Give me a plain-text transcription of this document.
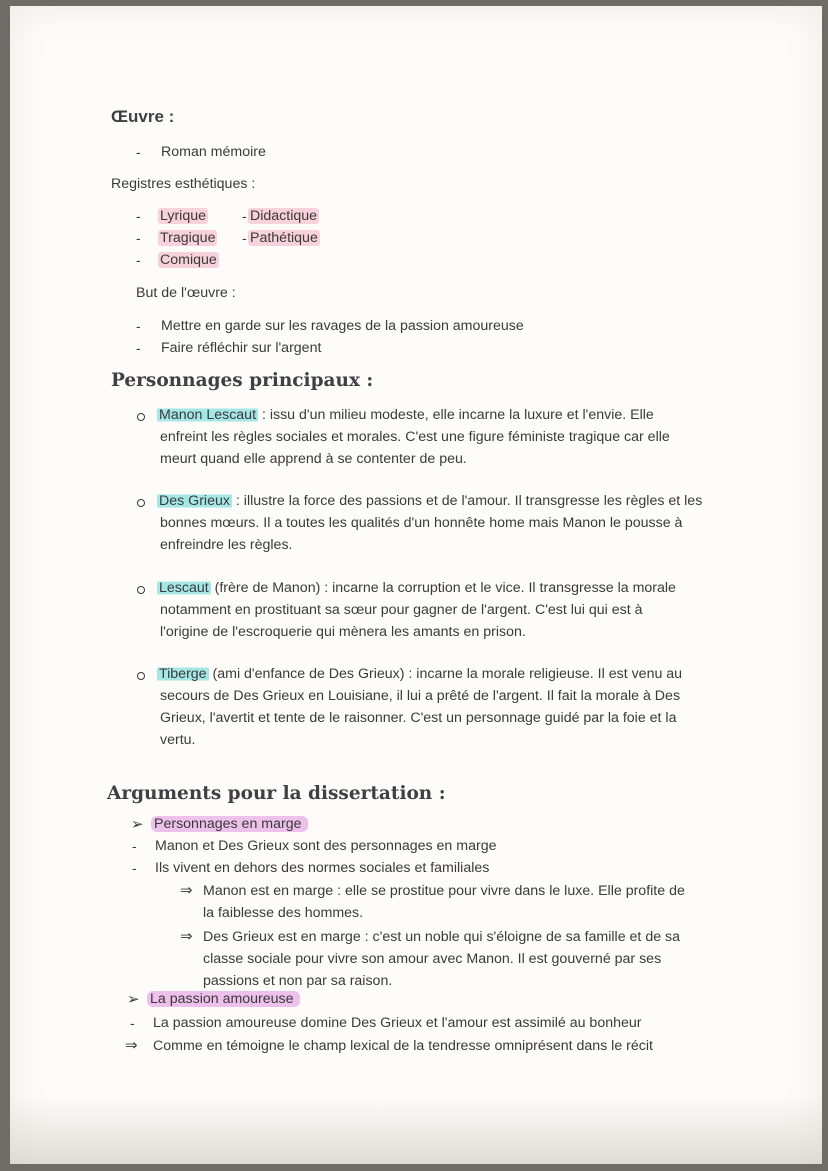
Œuvre :
- Roman mémoire
Registres esthétiques :
- Lyrique	- Didactique
- Tragique - Pathétique
- Comique
But de l'œuvre :
- Mettre en garde sur les ravages de la passion amoureuse
- Faire réfléchir sur l'argent
Personnages principaux :
Manon Lescaut : issu d'un milieu modeste, elle incarne la luxure et l'envie. Elle
enfreint les règles sociales et morales. C'est une figure féministe tragique car elle
meurt quand elle apprend à se contenter de peu.
Des Grieux : illustre la force des passions et de l'amour. Il transgresse les règles et les
bonnes mœurs. Il a toutes les qualités d'un honnête home mais Manon le pousse à
enfreindre les règles.
Lescaut (frère de Manon) : incarne la corruption et le vice. Il transgresse la morale
notamment en prostituant sa sœur pour gagner de l'argent. C'est lui qui est à
l'origine de l'escroquerie qui mènera les amants en prison.
Tiberge (ami d'enfance de Des Grieux) : incarne la morale religieuse. Il est venu au
secours de Des Grieux en Louisiane, il lui a prêté de l'argent. Il fait la morale à Des
Grieux, l'avertit et tente de le raisonner. C'est un personnage guidé par la foie et la
vertu.
Arguments pour la dissertation :
➢ Personnages en marge
- Manon et Des Grieux sont des personnages en marge
- Ils vivent en dehors des normes sociales et familiales
⇒ Manon est en marge : elle se prostitue pour vivre dans le luxe. Elle profite de
la faiblesse des hommes.
⇒ Des Grieux est en marge : c'est un noble qui s'éloigne de sa famille et de sa
classe sociale pour vivre son amour avec Manon. Il est gouverné par ses
passions et non par sa raison.
➢ La passion amoureuse
- La passion amoureuse domine Des Grieux et l'amour est assimilé au bonheur
⇒ Comme en témoigne le champ lexical de la tendresse omniprésent dans le récit
